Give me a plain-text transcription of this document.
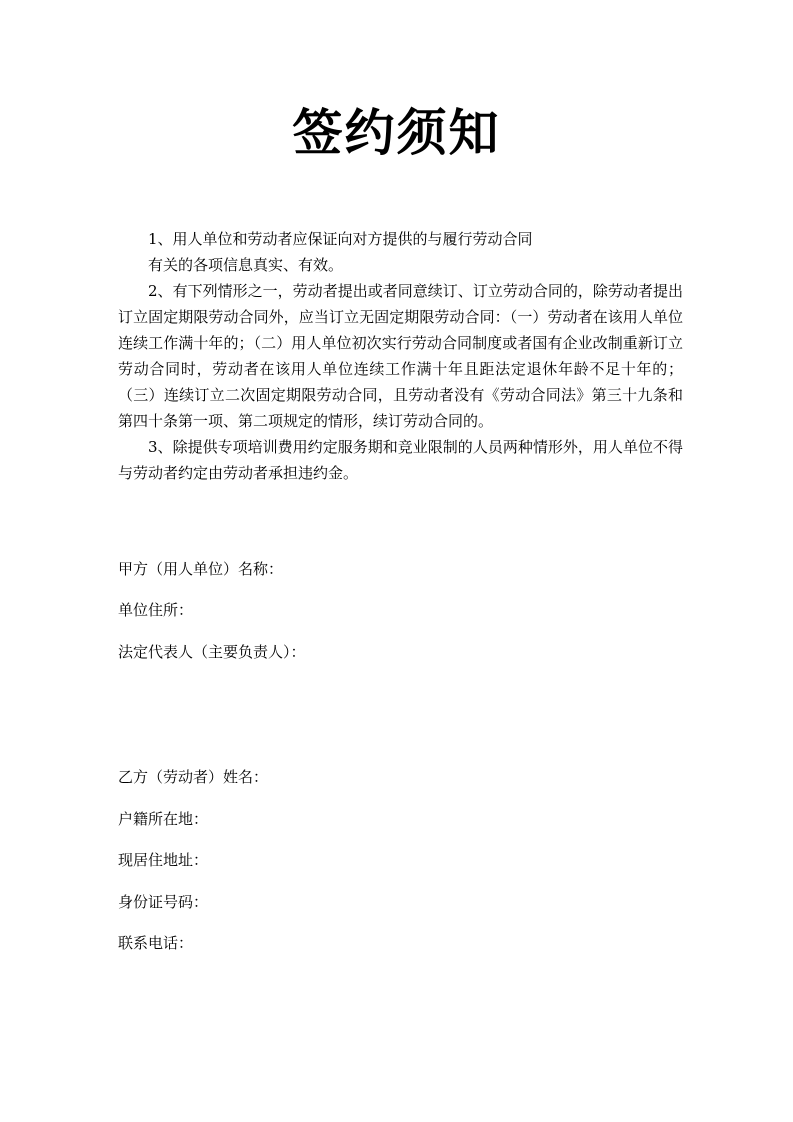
签约须知

1、用人单位和劳动者应保证向对方提供的与履行劳动合同

有关的各项信息真实、有效。

2、有下列情形之一，劳动者提出或者同意续订、订立劳动合同的，除劳动者提出订立固定期限劳动合同外，应当订立无固定期限劳动合同：（一）劳动者在该用人单位连续工作满十年的；（二）用人单位初次实行劳动合同制度或者国有企业改制重新订立劳动合同时，劳动者在该用人单位连续工作满十年且距法定退休年龄不足十年的；（三）连续订立二次固定期限劳动合同，且劳动者没有《劳动合同法》第三十九条和第四十条第一项、第二项规定的情形，续订劳动合同的。

3、除提供专项培训费用约定服务期和竞业限制的人员两种情形外，用人单位不得与劳动者约定由劳动者承担违约金。

甲方（用人单位）名称：
单位住所：
法定代表人（主要负责人）：
乙方（劳动者）姓名：
户籍所在地：
现居住地址：
身份证号码：
联系电话：
